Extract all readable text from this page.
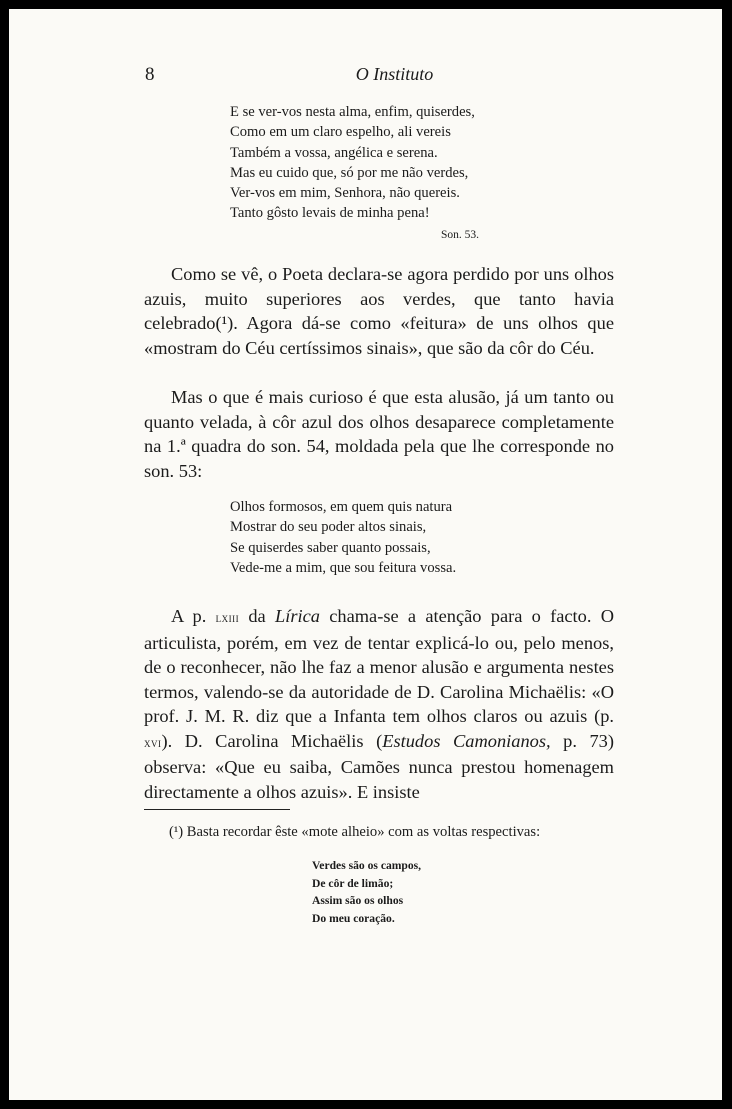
8	O Instituto
E se ver-vos nesta alma, enfim, quiserdes,
Como em um claro espelho, ali vereis
Também a vossa, angélica e serena.
Mas eu cuido que, só por me não verdes,
Ver-vos em mim, Senhora, não quereis.
Tanto gôsto levais de minha pena!
Son. 53.

Como se vê, o Poeta declara-se agora perdido por uns olhos azuis, muito superiores aos verdes, que tanto havia celebrado(¹). Agora dá-se como «feitura» de uns olhos que «mostram do Céu certíssimos sinais», que são da côr do Céu.

Mas o que é mais curioso é que esta alusão, já um tanto ou quanto velada, à côr azul dos olhos desaparece completamente na 1.ª quadra do son. 54, moldada pela que lhe corresponde no son. 53:

Olhos formosos, em quem quis natura
Mostrar do seu poder altos sinais,
Se quiserdes saber quanto possais,
Vede-me a mim, que sou feitura vossa.

A p. lxiii da Lírica chama-se a atenção para o facto. O articulista, porém, em vez de tentar explicá-lo ou, pelo menos, de o reconhecer, não lhe faz a menor alusão e argumenta nestes termos, valendo-se da autoridade de D. Carolina Michaëlis: «O prof. J. M. R. diz que a Infanta tem olhos claros ou azuis (p. xvi). D. Carolina Michaëlis (Estudos Camonianos, p. 73) observa: «Que eu saiba, Camões nunca prestou homenagem directamente a olhos azuis». E insiste

(¹) Basta recordar êste «mote alheio» com as voltas respectivas:
Verdes são os campos,
De côr de limão;
Assim são os olhos
Do meu coração.
